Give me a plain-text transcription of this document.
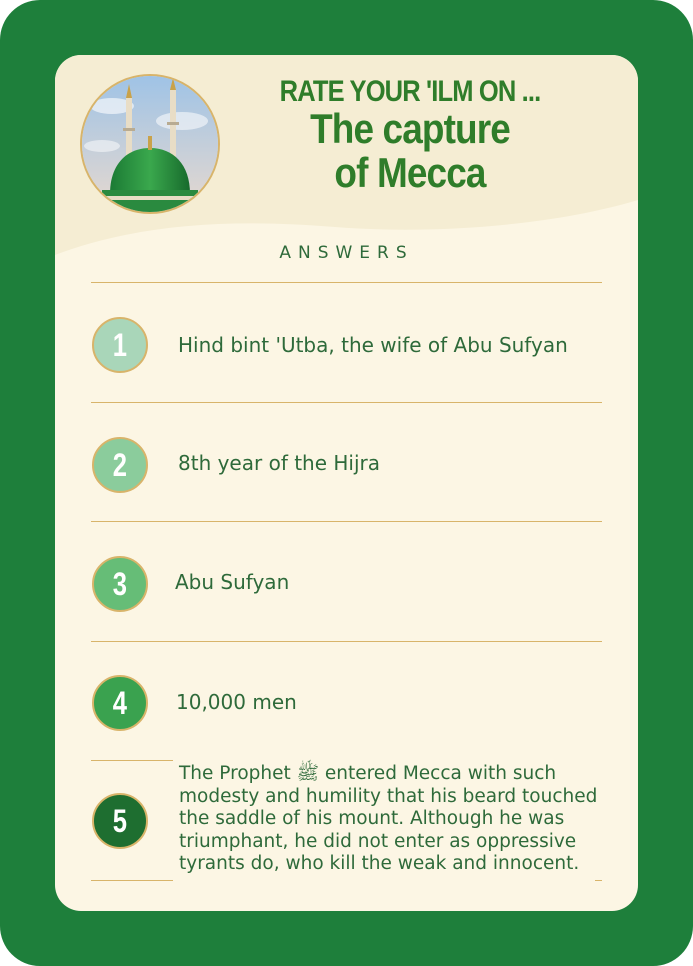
RATE YOUR 'ILM ON ...
The capture
of Mecca
ANSWERS
1	Hind bint 'Utba, the wife of Abu Sufyan
2	8th year of the Hijra
3 Abu Sufyan
4 10,000 men
5
The Prophet ﷺ entered Mecca with such modesty and humility that his beard touched the saddle of his mount. Although he was triumphant, he did not enter as oppressive tyrants do, who kill the weak and innocent.
